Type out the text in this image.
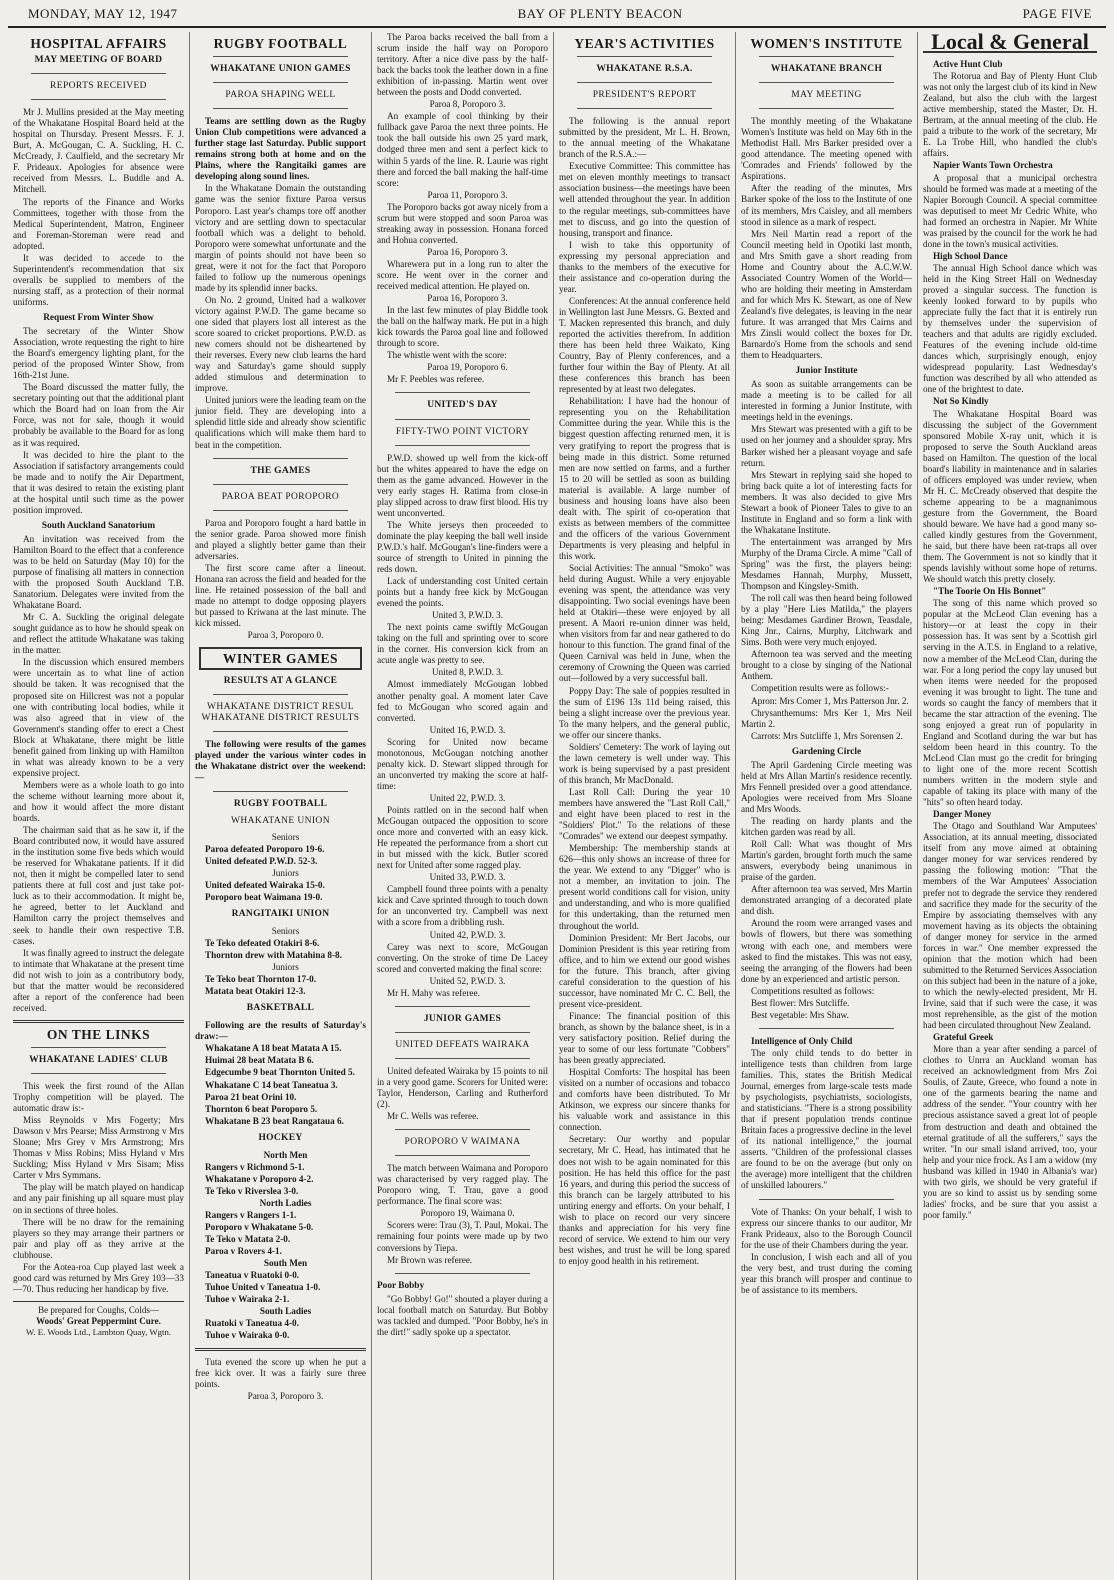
MONDAY, MAY 12, 1947	BAY OF PLENTY BEACON	PAGE FIVE
HOSPITAL AFFAIRS
MAY MEETING OF BOARD
REPORTS RECEIVED

Mr J. Mullins presided at the May meeting of the Whakatane Hospital Board held at the hospital on Thursday. Present Messrs. F. J. Burt, A. McGougan, C. A. Suckling, H. C. McCready, J. Caulfield, and the secretary Mr F. Prideaux. Apologies for absence were received from Messrs. L. Buddle and A. Mitchell.

The reports of the Finance and Works Committees, together with those from the Medical Superintendent, Matron, Engineer and Foreman-Storeman were read and adopted.

It was decided to accede to the Superintendent's recommendation that six overalls be supplied to members of the nursing staff, as a protection of their normal uniforms.

Request From Winter Show

The secretary of the Winter Show Association, wrote requesting the right to hire the Board's emergency lighting plant, for the period of the proposed Winter Show, from 16th-21st June.

The Board discussed the matter fully, the secretary pointing out that the additional plant which the Board had on loan from the Air Force, was not for sale, though it would probably be available to the Board for as long as it was required.

It was decided to hire the plant to the Association if satisfactory arrangements could be made and to notify the Air Department, that it was desired to retain the existing plant at the hospital until such time as the power position improved.

South Auckland Sanatorium

An invitation was received from the Hamilton Board to the effect that a conference was to be held on Saturday (May 10) for the purpose of finalising all matters in connection with the proposed South Auckland T.B. Sanatorium. Delegates were invited from the Whakatane Board.

Mr C. A. Suckling the original delegate sought guidance as to how he should speak on and reflect the attitude Whakatane was taking in the matter.

In the discussion which ensured members were uncertain as to what line of action should be taken. It was recognised that the proposed site on Hillcrest was not a popular one with contributing local bodies, while it was also agreed that in view of the Government's standing offer to erect a Chest Block at Whakatane, there might be little benefit gained from linking up with Hamilton in what was already known to be a very expensive project.

Members were as a whole loath to go into the scheme without learning more about it, and how it would affect the more distant boards.

The chairman said that as he saw it, if the Board contributed now, it would have assured in the institution some five beds which would be reserved for Whakatane patients. If it did not, then it might be compelled later to send patients there at full cost and just take pot-luck as to their accommodation. It might be, he agreed, better to let Auckland and Hamilton carry the project themselves and seek to handle their own respective T.B. cases.

It was finally agreed to instruct the delegate to intimate that Whakatane at the present time did not wish to join as a contributory body, but that the matter would be reconsidered after a report of the conference had been received.

ON THE LINKS
WHAKATANE LADIES' CLUB

This week the first round of the Allan Trophy competition will be played. The automatic draw is:-

Miss Reynolds v Mrs Fogerty; Mrs Dawson v Mrs Pearse; Miss Armstrong v Mrs Sloane; Mrs Grey v Mrs Armstrong; Mrs Thomas v Miss Robins; Miss Hyland v Mrs Suckling; Miss Hyland v Mrs Sisam; Miss Carter v Mrs Symmans.

The play will be match played on handicap and any pair finishing up all square must play on in sections of three holes.

There will be no draw for the remaining players so they may arrange their partners or pair and play off as they arrive at the clubhouse.

For the Aotea-roa Cup played last week a good card was returned by Mrs Grey 103—33—70. Thus reducing her handicap by five.

Be prepared for Coughs, Colds—
Woods' Great Peppermint Cure.
W. E. Woods Ltd., Lambton Quay, Wgtn.
RUGBY FOOTBALL
WHAKATANE UNION GAMES
PAROA SHAPING WELL

Teams are settling down as the Rugby Union Club competitions were advanced a further stage last Saturday. Public support remains strong both at home and on the Plains, where the Rangitaiki games are developing along sound lines.

In the Whakatane Domain the outstanding game was the senior fixture Paroa versus Poroporo. Last year's champs tore off another victory and are settling down to spectacular football which was a delight to behold. Poroporo were somewhat unfortunate and the margin of points should not have been so great, were it not for the fact that Poroporo failed to follow up the numerous openings made by its splendid inner backs.

On No. 2 ground, United had a walkover victory against P.W.D. The game became so one sided that players lost all interest as the score soared to cricket proportions. P.W.D. as new comers should not be disheartened by their reverses. Every new club learns the hard way and Saturday's game should supply added stimulous and determination to improve.

United juniors were the leading team on the junior field. They are developing into a splendid little side and already show scientific qualifications which will make them hard to beat in the competition.

THE GAMES
PAROA BEAT POROPORO

Paroa and Poroporo fought a hard battle in the senior grade. Paroa showed more finish and played a slightly better game than their adversaries.

The first score came after a lineout. Honana ran across the field and headed for the line. He retained possession of the ball and made no attempt to dodge opposing players but passed to Kriwana at the last minute. The kick missed.

Paroa 3, Poroporo 0.

WINTER GAMES
RESULTS AT A GLANCE
WHAKATANE DISTRICT RESUL WHAKATANE DISTRICT RESULTS

The following were results of the games played under the various winter codes in the Whakatane district over the weekend:—

RUGBY FOOTBALL
WHAKATANE UNION

Seniors

Paroa defeated Poroporo 19-6.

United defeated P.W.D. 52-3.

Juniors

United defeated Wairaka 15-0.

Poroporo beat Waimana 19-0.

RANGITAIKI UNION

Seniors

Te Teko defeated Otakiri 8-6.

Thornton drew with Matahina 8-8.

Juniors

Te Teko beat Thornton 17-0.

Matata beat Otakiri 12-3.

BASKETBALL

Following are the results of Saturday's draw:—

Whakatane A 18 beat Matata A 15.

Huimai 28 beat Matata B 6.

Edgecumbe 9 beat Thornton United 5.

Whakatane C 14 beat Taneatua 3.

Paroa 21 beat Orini 10.

Thornton 6 beat Poroporo 5.

Whakatane B 23 beat Rangataua 6.

HOCKEY

North Men

Rangers v Richmond 5-1.

Whakatane v Poroporo 4-2.

Te Teko v Riverslea 3-0.

North Ladies

Rangers v Rangers 1-1.

Poroporo v Whakatane 5-0.

Te Teko v Matata 2-0.

Paroa v Rovers 4-1.

South Men

Taneatua v Ruatoki 0-0.

Tuhoe United v Taneatua 1-0.

Tuhoe v Wairaka 2-1.

South Ladies

Ruatoki v Taneatua 4-0.

Tuhoe v Wairaka 0-0.

Tuta evened the score up when he put a free kick over. It was a fairly sure three points.

Paroa 3, Poroporo 3.

The Paroa backs received the ball from a scrum inside the half way on Poroporo territory. After a nice dive pass by the half-back the backs took the leather down in a fine exhibition of in-passing. Martin went over between the posts and Dodd converted.

Paroa 8, Poroporo 3.

An example of cool thinking by their fullback gave Paroa the next three points. He took the ball outside his own 25 yard mark, dodged three men and sent a perfect kick to within 5 yards of the line. R. Laurie was right there and forced the ball making the half-time score:

Paroa 11, Poroporo 3.

The Poroporo backs got away nicely from a scrum but were stopped and soon Paroa was streaking away in possession. Honana forced and Hohua converted.

Paroa 16, Poroporo 3.

Wharewera put in a long run to alter the score. He went over in the corner and received medical attention. He played on.

Paroa 16, Poroporo 3.

In the last few minutes of play Biddle took the ball on the halfway mark. He put in a high kick towards the Paroa goal line and followed through to score.

The whistle went with the score:

Paroa 19, Poroporo 6.

Mr F. Peebles was referee.

UNITED'S DAY
FIFTY-TWO POINT VICTORY

P.W.D. showed up well from the kick-off but the whites appeared to have the edge on them as the game advanced. However in the very early stages H. Ratima from close-in play slipped across to draw first blood. His try went unconverted.

The White jerseys then proceeded to dominate the play keeping the ball well inside P.W.D.'s half. McGougan's line-finders were a source of strength to United in pinning the reds down.

Lack of understanding cost United certain points but a handy free kick by McGougan evened the points.

United 3, P.W.D. 3.

The next points came swiftly McGougan taking on the full and sprinting over to score in the corner. His conversion kick from an acute angle was pretty to see.

United 8, P.W.D. 3.

Almost immediately McGougan lobbed another penalty goal. A moment later Cave fed to McGougan who scored again and converted.

United 16, P.W.D. 3.

Scoring for United now became monotonous, McGougan notching another penalty kick. D. Stewart slipped through for an unconverted try making the score at half-time:

United 22, P.W.D. 3.

Points rattled on in the second half when McGougan outpaced the opposition to score once more and converted with an easy kick. He repeated the performance from a short cut in but missed with the kick. Butler scored next for United after some ragged play.

United 33, P.W.D. 3.

Campbell found three points with a penalty kick and Cave sprinted through to touch down for an unconverted try. Campbell was next with a score from a dribbling rush.

United 42, P.W.D. 3.

Carey was next to score, McGougan converting. On the stroke of time De Lacey scored and converted making the final score:

United 52, P.W.D. 3.

Mr H. Mahy was referee.

JUNIOR GAMES
UNITED DEFEATS WAIRAKA

United defeated Wairaka by 15 points to nil in a very good game. Scorers for United were: Taylor, Henderson, Carling and Rutherford (2).

Mr C. Wells was referee.

POROPORO V WAIMANA

The match between Waimana and Poroporo was characterised by very ragged play. The Poroporo wing, T. Trau, gave a good performance. The final score was:

Poroporo 19, Waimana 0.

Scorers were: Trau (3), T. Paul, Mokai. The remaining four points were made up by two conversions by Tiepa.

Mr Brown was referee.

Poor Bobby

"Go Bobby! Go!" shouted a player during a local football match on Saturday. But Bobby was tackled and dumped. "Poor Bobby, he's in the dirt!" sadly spoke up a spectator.

YEAR'S ACTIVITIES
WHAKATANE R.S.A.
PRESIDENT'S REPORT

The following is the annual report submitted by the president, Mr L. H. Brown, to the annual meeting of the Whakatane branch of the R.S.A.:—

Executive Committee: This committee has met on eleven monthly meetings to transact association business—the meetings have been well attended throughout the year. In addition to the regular meetings, sub-committees have met to discuss, and go into the question of housing, transport and finance.

I wish to take this opportunity of expressing my personal appreciation and thanks to the members of the executive for their assistance and co-operation during the year.

Conferences: At the annual conference held in Wellington last June Messrs. G. Bexted and T. Macken represented this branch, and duly reported the activities therefrom. In addition there has been held three Waikato, King Country, Bay of Plenty conferences, and a further four within the Bay of Plenty. At all these conferences this branch has been represented by at least two delegates.

Rehabilitation: I have had the honour of representing you on the Rehabilitation Committee during the year. While this is the biggest question affecting returned men, it is very gratifying to report the progress that is being made in this district. Some returned men are now settled on farms, and a further 15 to 20 will be settled as soon as building material is available. A large number of business and housing loans have also been dealt with. The spirit of co-operation that exists as between members of the committee and the officers of the various Government Departments is very pleasing and helpful in this work.

Social Activities: The annual "Smoko" was held during August. While a very enjoyable evening was spent, the attendance was very disappointing. Two social evenings have been held at Otakiri—these were enjoyed by all present. A Maori re-union dinner was held, when visitors from far and near gathered to do honour to this function. The grand final of the Queen Carnival was held in June, when the ceremony of Crowning the Queen was carried out—followed by a very successful ball.

Poppy Day: The sale of poppies resulted in the sum of £196 13s 11d being raised, this being a slight increase over the previous year. To the many helpers, and the general public, we offer our sincere thanks.

Soldiers' Cemetery: The work of laying out the lawn cemetery is well under way. This work is being supervised by a past president of this branch, Mr MacDonald.

Last Roll Call: During the year 10 members have answered the "Last Roll Call," and eight have been placed to rest in the "Soldiers' Plot." To the relations of these "Comrades" we extend our deepest sympathy.

Membership: The membership stands at 626—this only shows an increase of three for the year. We extend to any "Digger" who is not a member, an invitation to join. The present world conditions call for vision, unity and understanding, and who is more qualified for this undertaking, than the returned men throughout the world.

Dominion President: Mr Bert Jacobs, our Dominion President is this year retiring from office, and to him we extend our good wishes for the future. This branch, after giving careful consideration to the question of his successor, have nominated Mr C. C. Bell, the present vice-president.

Finance: The financial position of this branch, as shown by the balance sheet, is in a very satisfactory position. Relief during the year to some of our less fortunate "Cobbers" has been greatly appreciated.

Hospital Comforts: The hospital has been visited on a number of occasions and tobacco and comforts have been distributed. To Mr Atkinson, we express our sincere thanks for his valuable work and assistance in this connection.

Secretary: Our worthy and popular secretary, Mr C. Head, has intimated that he does not wish to be again nominated for this position. He has held this office for the past 16 years, and during this period the success of this branch can be largely attributed to his untiring energy and efforts. On your behalf, I wish to place on record our very sincere thanks and appreciation for his very fine record of service. We extend to him our very best wishes, and trust he will be long spared to enjoy good health in his retirement.

WOMEN'S INSTITUTE
WHAKATANE BRANCH
MAY MEETING

The monthly meeting of the Whakatane Women's Institute was held on May 6th in the Methodist Hall. Mrs Barker presided over a good attendance. The meeting opened with 'Comrades and Friends' followed by the Aspirations.

After the reading of the minutes, Mrs Barker spoke of the loss to the Institute of one of its members, Mrs Caisley, and all members stood in silence as a mark of respect.

Mrs Neil Martin read a report of the Council meeting held in Opotiki last month, and Mrs Smith gave a short reading from Home and Country about the A.C.W.W. Associated Country Women of the World—who are holding their meeting in Amsterdam and for which Mrs K. Stewart, as one of New Zealand's five delegates, is leaving in the near future. It was arranged that Mrs Cairns and Mrs Zinsli would collect the boxes for Dr. Barnardo's Home from the schools and send them to Headquarters.

Junior Institute

As soon as suitable arrangements can be made a meeting is to be called for all interested in forming a Junior Institute, with meetings held in the evenings.

Mrs Stewart was presented with a gift to be used on her journey and a shoulder spray. Mrs Barker wished her a pleasant voyage and safe return.

Mrs Stewart in replying said she hoped to bring back quite a lot of interesting facts for members. It was also decided to give Mrs Stewart a book of Pioneer Tales to give to an Institute in England and so form a link with the Whakatane Institute.

The entertainment was arranged by Mrs Murphy of the Drama Circle. A mime "Call of Spring" was the first, the players being: Mesdames Hannah, Murphy, Mussett, Thompson and Kingsley-Smith.

The roll call was then heard being followed by a play "Here Lies Matilda," the players being: Mesdames Gardiner Brown, Teasdale, King Jnr., Cairns, Murphy, Litchwark and Sims. Both were very much enjoyed.

Afternoon tea was served and the meeting brought to a close by singing of the National Anthem.

Competition results were as follows:-

Apron: Mrs Comer 1, Mrs Patterson Jnr. 2.

Chrysanthemums: Mrs Ker 1, Mrs Neil Martin 2.

Carrots: Mrs Sutcliffe 1, Mrs Sorensen 2.

Gardening Circle

The April Gardening Circle meeting was held at Mrs Allan Martin's residence recently. Mrs Fennell presided over a good attendance. Apologies were received from Mrs Sloane and Mrs Woods.

The reading on hardy plants and the kitchen garden was read by all.

Roll Call: What was thought of Mrs Martin's garden, brought forth much the same answers, everybody being unanimous in praise of the garden.

After afternoon tea was served, Mrs Martin demonstrated arranging of a decorated plate and dish.

Around the room were arranged vases and bowls of flowers, but there was something wrong with each one, and members were asked to find the mistakes. This was not easy, seeing the arranging of the flowers had been done by an experienced and artistic person.

Competitions resulted as follows:

Best flower: Mrs Sutcliffe.

Best vegetable: Mrs Shaw.

Intelligence of Only Child

The only child tends to do better in intelligence tests than children from large families. This, states the British Medical Journal, emerges from large-scale tests made by psychologists, psychiatrists, sociologists, and statisticians. "There is a strong possibility that if present population trends continue Britain faces a progressive decline in the level of its national intelligence," the journal asserts. "Children of the professional classes are found to be on the average (but only on the average) more intelligent that the children of unskilled labourers."

Vote of Thanks: On your behalf, I wish to express our sincere thanks to our auditor, Mr Frank Prideaux, also to the Borough Council for the use of their Chambers during the year.

In conclusion, I wish each and all of you the very best, and trust during the coming year this branch will prosper and continue to be of assistance to its members.

Local & General

Active Hunt Club

The Rotorua and Bay of Plenty Hunt Club was not only the largest club of its kind in New Zealand, but also the club with the largest active membership, stated the Master, Dr. H. Bertram, at the annual meeting of the club. He paid a tribute to the work of the secretary, Mr E. La Trobe Hill, who handled the club's affairs.

Napier Wants Town Orchestra

A proposal that a municipal orchestra should be formed was made at a meeting of the Napier Borough Council. A special committee was deputised to meet Mr Cedric White, who had formed an orchestra in Napier. Mr White was praised by the council for the work he had done in the town's musical activities.

High School Dance

The annual High School dance which was held in the King Street Hall on Wednesday proved a singular success. The function is keenly looked forward to by pupils who appreciate fully the fact that it is entirely run by themselves under the supervision of teachers and that adults are rigidly excluded. Features of the evening include old-time dances which, surprisingly enough, enjoy widespread popularity. Last Wednesday's function was described by all who attended as one of the brightest to date.

Not So Kindly

The Whakatane Hospital Board was discussing the subject of the Government sponsored Mobile X-ray unit, which it is proposed to serve the South Auckland areas based on Hamilton. The question of the local board's liability in maintenance and in salaries of officers employed was under review, when Mr H. C. McCready observed that despite the scheme appearing to be a magnanimous gesture from the Government, the Board should beware. We have had a good many so-called kindly gestures from the Government, he said, but there have been rat-traps all over them. The Government is not so kindly that it spends lavishly without some hope of returns. We should watch this pretty closely.

"The Toorie On His Bonnet"

The song of this name which proved so popular at the McLeod Clan evening has a history—or at least the copy in their possession has. It was sent by a Scottish girl serving in the A.T.S. in England to a relative, now a member of the McLeod Clan, during the war. For a long period the copy lay unused but when items were needed for the proposed evening it was brought to light. The tune and words so caught the fancy of members that it became the star attraction of the evening. The song enjoyed a great run of popularity in England and Scotland during the war but has seldom been heard in this country. To the McLeod Clan must go the credit for bringing to light one of the more recent Scottish numbers written in the modern style and capable of taking its place with many of the "hits" so often heard today.

Danger Money

The Otago and Southland War Amputees' Association, at its annual meeting, dissociated itself from any move aimed at obtaining danger money for war services rendered by passing the following motion: "That the members of the War Amputees' Association prefer not to degrade the service they rendered and sacrifice they made for the security of the Empire by associating themselves with any movement having as its objects the obtaining of danger money for service in the armed forces in war." One member expressed the opinion that the motion which had been submitted to the Returned Services Association on this subject had been in the nature of a joke, to which the newly-elected president, Mr H. Irvine, said that if such were the case, it was most reprehensible, as the gist of the motion had been circulated throughout New Zealand.

Grateful Greek

More than a year after sending a parcel of clothes to Unrra an Auckland woman has received an acknowledgment from Mrs Zoi Soulis, of Zaute, Greece, who found a note in one of the garments bearing the name and address of the sender. "Your country with her precious assistance saved a great lot of people from destruction and death and obtained the eternal gratitude of all the sufferers," says the writer. "In our small island arrived, too, your help and your nice frock. As I am a widow (my husband was killed in 1940 in Albania's war) with two girls, we should be very grateful if you are so kind to assist us by sending some ladies' frocks, and be sure that you assist a poor family."
